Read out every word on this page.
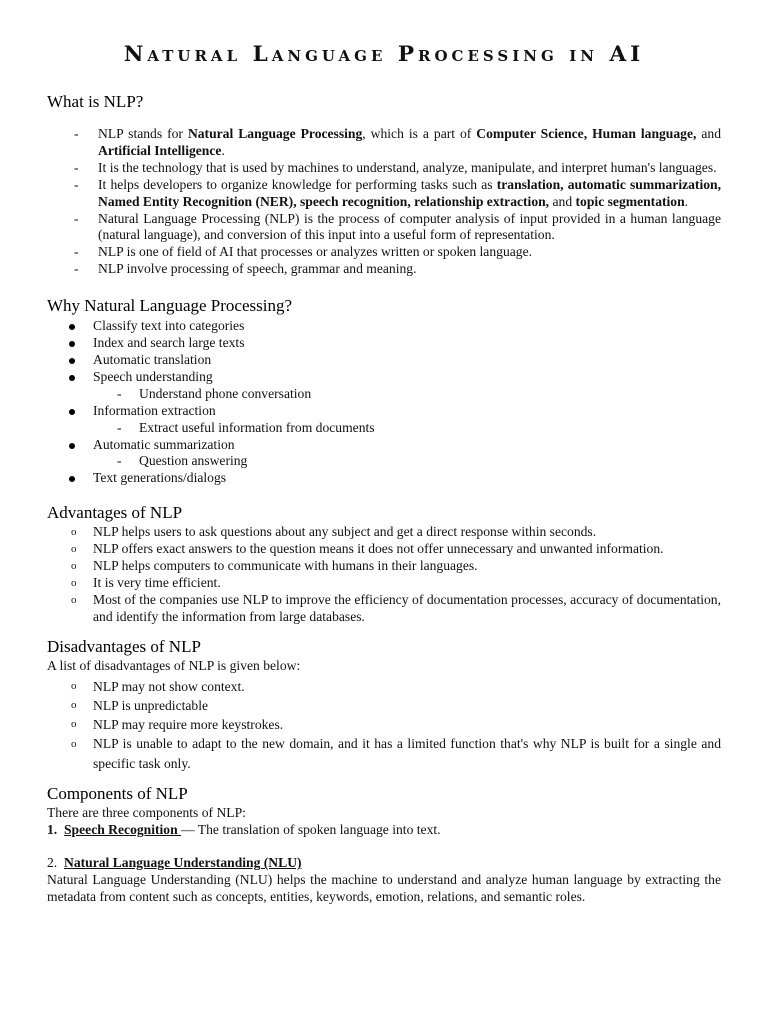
Natural Language Processing in AI
What is NLP?
- NLP stands for Natural Language Processing, which is a part of Computer Science, Human language, and Artificial Intelligence.
- It is the technology that is used by machines to understand, analyze, manipulate, and interpret human's languages.
- It helps developers to organize knowledge for performing tasks such as translation, automatic summarization, Named Entity Recognition (NER), speech recognition, relationship extraction, and topic segmentation.
- Natural Language Processing (NLP) is the process of computer analysis of input provided in a human language (natural language), and conversion of this input into a useful form of representation.
- NLP is one of field of AI that processes or analyzes written or spoken language.
- NLP involve processing of speech, grammar and meaning.
Why Natural Language Processing?
Classify text into categories
Index and search large texts
Automatic translation
Speech understanding
- Understand phone conversation
Information extraction
- Extract useful information from documents
Automatic summarization
- Question answering
Text generations/dialogs
Advantages of NLP
o NLP helps users to ask questions about any subject and get a direct response within seconds.
o NLP offers exact answers to the question means it does not offer unnecessary and unwanted information.
o NLP helps computers to communicate with humans in their languages.
o It is very time efficient.
o Most of the companies use NLP to improve the efficiency of documentation processes, accuracy of documentation, and identify the information from large databases.
Disadvantages of NLP
A list of disadvantages of NLP is given below:
o NLP may not show context.
o NLP is unpredictable
o NLP may require more keystrokes.
o NLP is unable to adapt to the new domain, and it has a limited function that's why NLP is built for a single and specific task only.
Components of NLP
There are three components of NLP:
1. Speech Recognition — The translation of spoken language into text.
2. Natural Language Understanding (NLU)
Natural Language Understanding (NLU) helps the machine to understand and analyze human language by extracting the metadata from content such as concepts, entities, keywords, emotion, relations, and semantic roles.
